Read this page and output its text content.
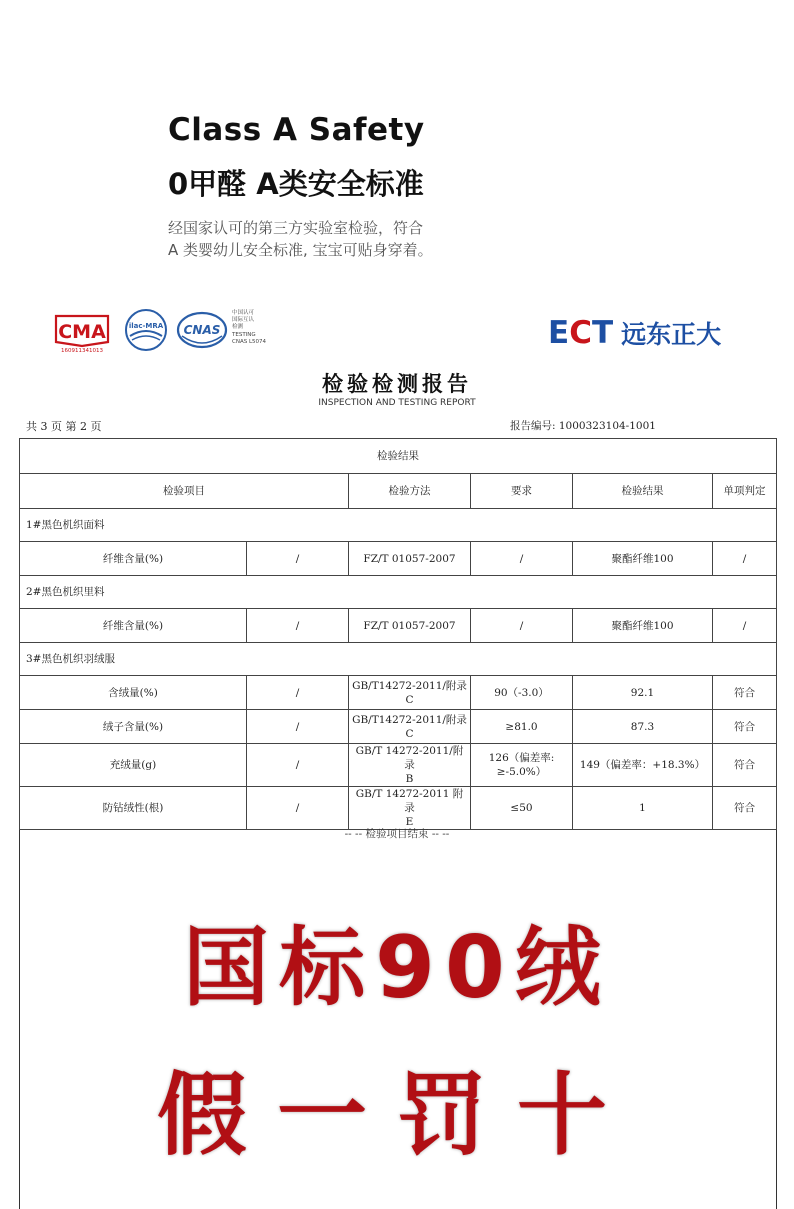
Class A Safety
0甲醛 A类安全标准

经国家认可的第三方实验室检验，符合
A 类婴幼儿安全标准, 宝宝可贴身穿着。

CMA
160911341013
ilac-MRA CNAS
中国认可
国际互认
检测
TESTING
CNAS L5074	ECT 远东正大
检验检测报告
INSPECTION AND TESTING REPORT
共 3 页 第 2 页	报告编号: 1000323104-1001
检验结果					
检验项目		检验方法	要求	检验结果	单项判定
1#黑色机织面料					
纤维含量(%)	/	FZ/T 01057-2007	/	聚酯纤维100	/
2#黑色机织里料					
纤维含量(%)	/	FZ/T 01057-2007	/	聚酯纤维100	/
3#黑色机织羽绒服					
含绒量(%)	/	GB/T14272-2011/附录
C	90（-3.0）	92.1	符合
绒子含量(%)	/	GB/T14272-2011/附录
C	≥81.0	87.3	符合
充绒量(g)	/	GB/T 14272-2011/附录
B	126（偏差率:
≥-5.0%）	149（偏差率：+18.3%）	符合
防钻绒性(根)	/	GB/T 14272-2011 附录
E	≤50	1	符合
-- -- 检验项目结束 -- --
国标90绒
假一罚十
